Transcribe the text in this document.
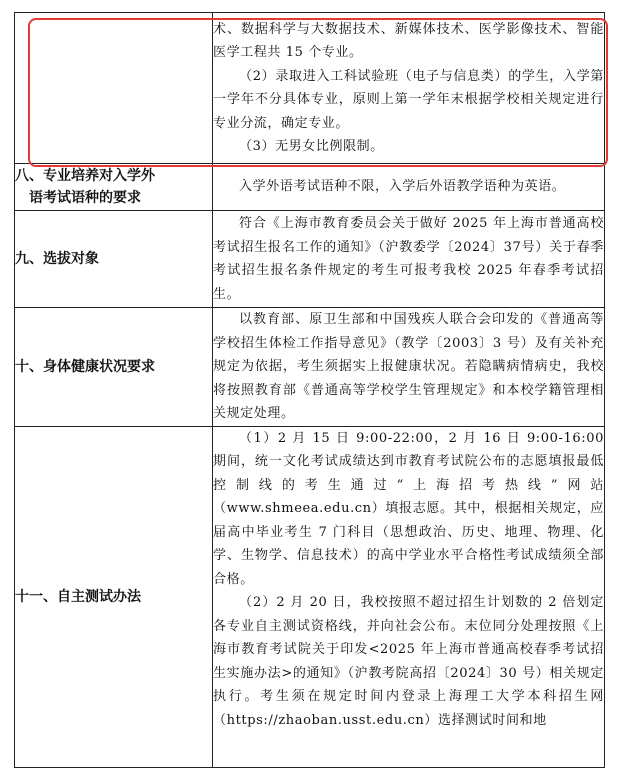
	术、数据科学与大数据技术、新媒体技术、医学影像技术、智能医学工程共 15 个专业。

（2）录取进入工科试验班（电子与信息类）的学生，入学第一学年不分具体专业，原则上第一学年末根据学校相关规定进行专业分流，确定专业。

（3）无男女比例限制。

八、专业培养对入学外
语考试语种的要求	入学外语考试语种不限，入学后外语教学语种为英语。

九、选拔对象	符合《上海市教育委员会关于做好 2025 年上海市普通高校考试招生报名工作的通知》（沪教委学〔2024〕37号）关于春季考试招生报名条件规定的考生可报考我校 2025 年春季考试招生。

十、身体健康状况要求	以教育部、原卫生部和中国残疾人联合会印发的《普通高等学校招生体检工作指导意见》（教学〔2003〕3 号）及有关补充规定为依据，考生须据实上报健康状况。若隐瞒病情病史，我校将按照教育部《普通高等学校学生管理规定》和本校学籍管理相关规定处理。

十一、自主测试办法	（1）2 月 15 日 9:00-22:00，2 月 16 日 9:00-16:00 期间，统一文化考试成绩达到市教育考试院公布的志愿填报最低控制线的考生通过“上海招考热线”网站（www.shmeea.edu.cn）填报志愿。其中，根据相关规定，应届高中毕业考生 7 门科目（思想政治、历史、地理、物理、化学、生物学、信息技术）的高中学业水平合格性考试成绩须全部合格。

（2）2 月 20 日，我校按照不超过招生计划数的 2 倍划定各专业自主测试资格线，并向社会公布。末位同分处理按照《上海市教育考试院关于印发<2025 年上海市普通高校春季考试招生实施办法>的通知》（沪教考院高招〔2024〕30 号）相关规定执行。考生须在规定时间内登录上海理工大学本科招生网（https://zhaoban.usst.edu.cn）选择测试时间和地
